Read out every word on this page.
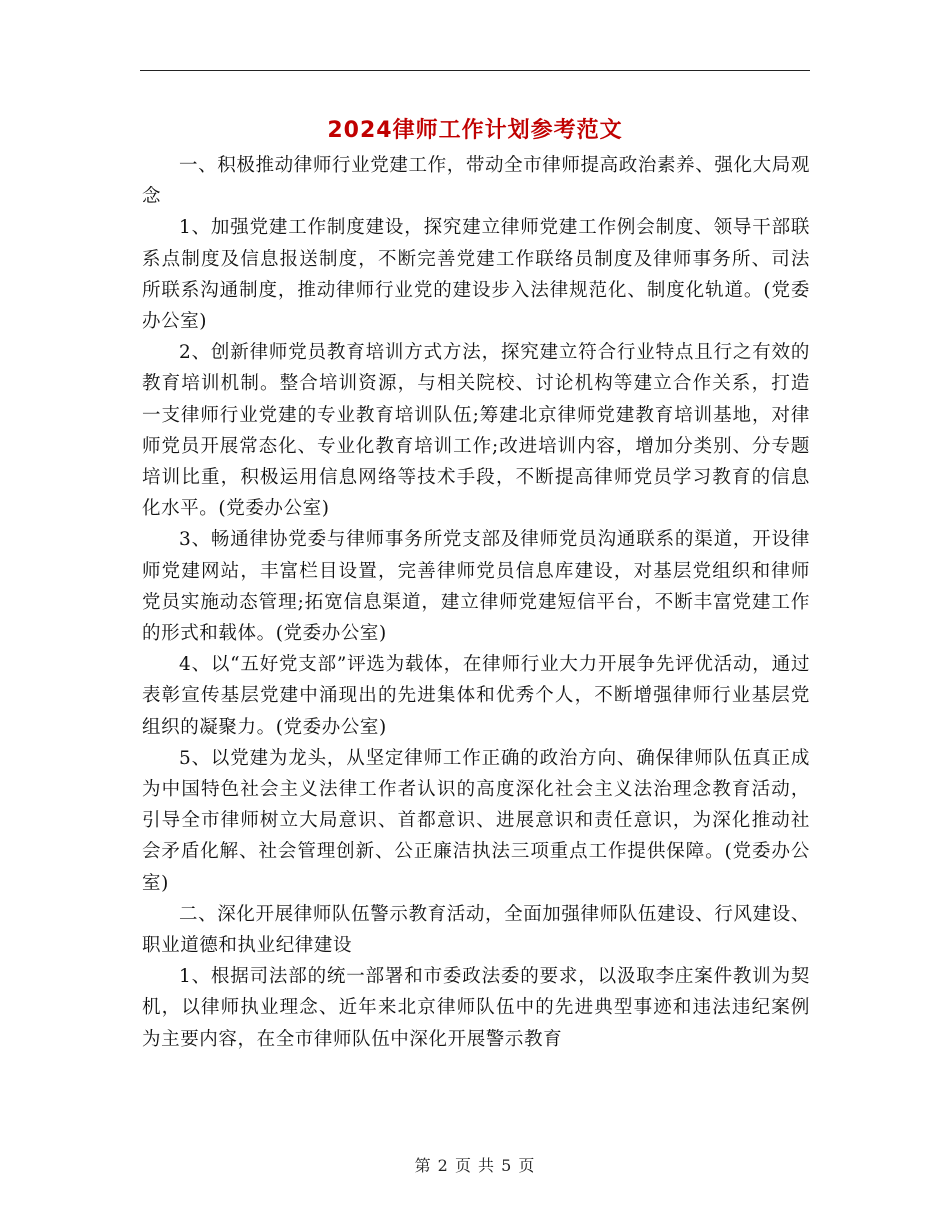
2024律师工作计划参考范文

一、积极推动律师行业党建工作，带动全市律师提高政治素养、强化大局观念

1、加强党建工作制度建设，探究建立律师党建工作例会制度、领导干部联系点制度及信息报送制度，不断完善党建工作联络员制度及律师事务所、司法所联系沟通制度，推动律师行业党的建设步入法律规范化、制度化轨道。(党委办公室)

2、创新律师党员教育培训方式方法，探究建立符合行业特点且行之有效的教育培训机制。整合培训资源，与相关院校、讨论机构等建立合作关系，打造一支律师行业党建的专业教育培训队伍;筹建北京律师党建教育培训基地，对律师党员开展常态化、专业化教育培训工作;改进培训内容，增加分类别、分专题培训比重，积极运用信息网络等技术手段，不断提高律师党员学习教育的信息化水平。(党委办公室)

3、畅通律协党委与律师事务所党支部及律师党员沟通联系的渠道，开设律师党建网站，丰富栏目设置，完善律师党员信息库建设，对基层党组织和律师党员实施动态管理;拓宽信息渠道，建立律师党建短信平台，不断丰富党建工作的形式和载体。(党委办公室)

4、以“五好党支部”评选为载体，在律师行业大力开展争先评优活动，通过表彰宣传基层党建中涌现出的先进集体和优秀个人，不断增强律师行业基层党组织的凝聚力。(党委办公室)

5、以党建为龙头，从坚定律师工作正确的政治方向、确保律师队伍真正成为中国特色社会主义法律工作者认识的高度深化社会主义法治理念教育活动，引导全市律师树立大局意识、首都意识、进展意识和责任意识，为深化推动社会矛盾化解、社会管理创新、公正廉洁执法三项重点工作提供保障。(党委办公室)

二、深化开展律师队伍警示教育活动，全面加强律师队伍建设、行风建设、职业道德和执业纪律建设

1、根据司法部的统一部署和市委政法委的要求，以汲取李庄案件教训为契机，以律师执业理念、近年来北京律师队伍中的先进典型事迹和违法违纪案例为主要内容，在全市律师队伍中深化开展警示教育

第 2 页 共 5 页
